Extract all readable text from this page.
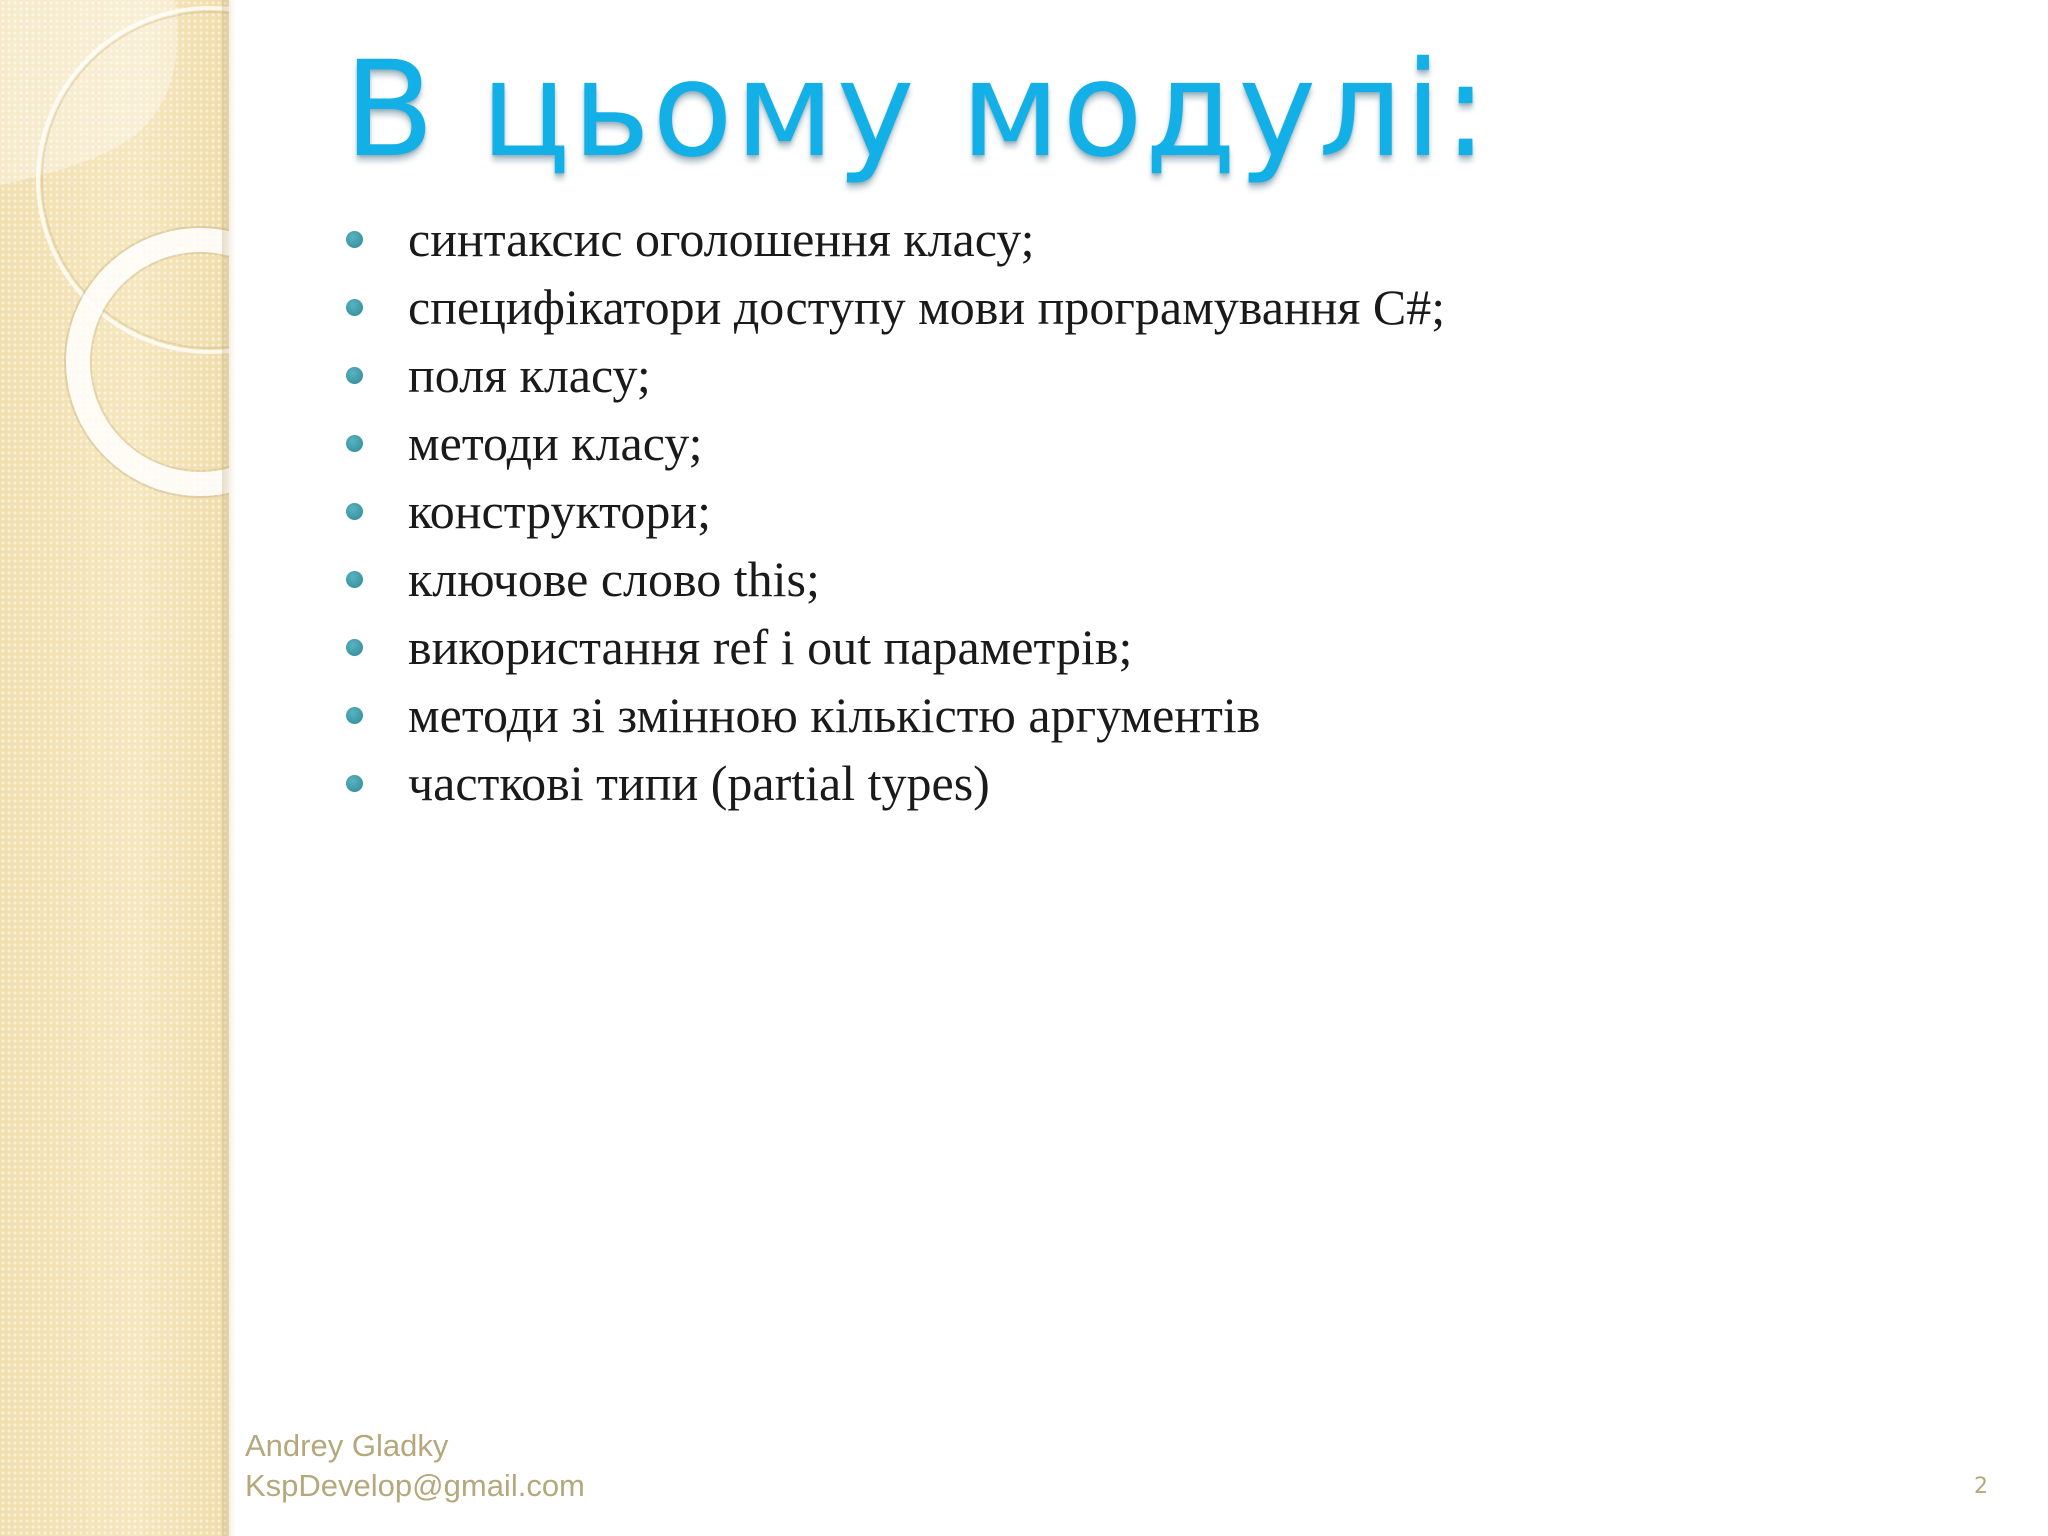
В цьому модулі:
синтаксис оголошення класу;
специфікатори доступу мови програмування C#;
поля класу;
методи класу;
конструктори;
ключове слово this;
використання ref і out параметрів;
методи зі змінною кількістю аргументів
часткові типи (partial types)
Andrey Gladky
KspDevelop@gmail.com	2
